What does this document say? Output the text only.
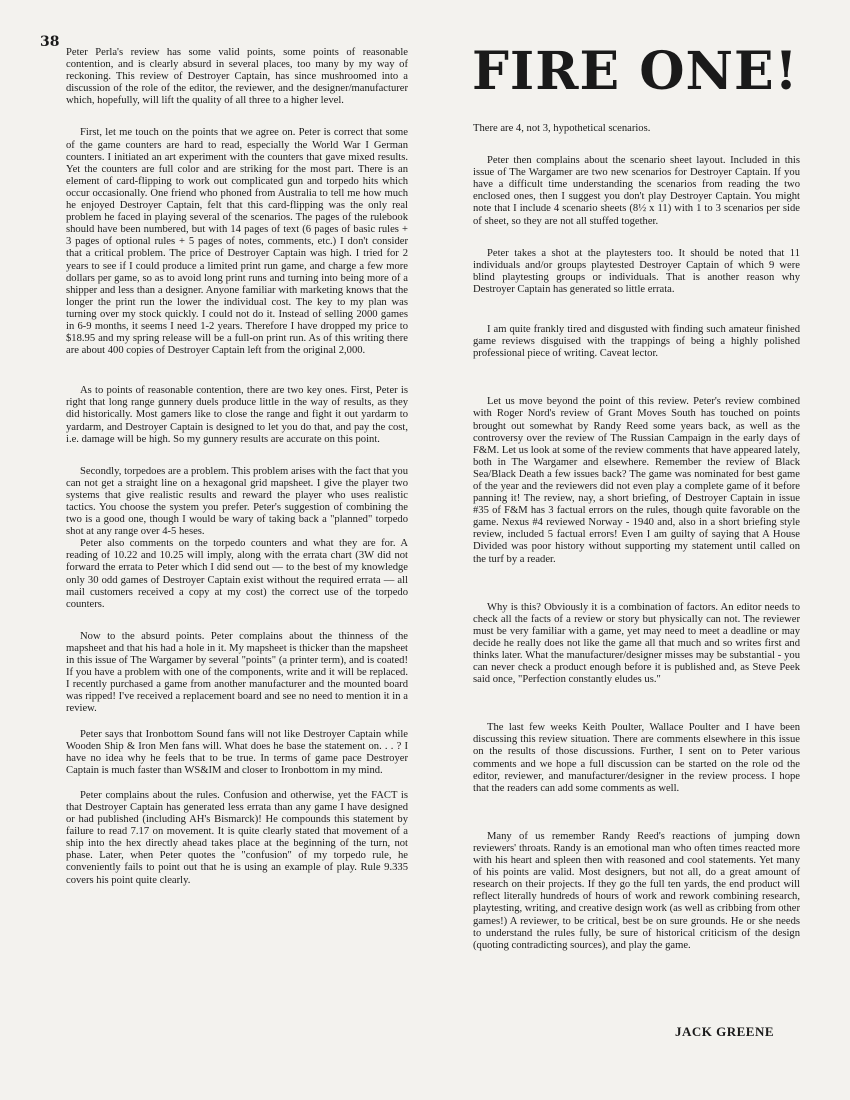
38

Peter Perla's review has some valid points, some points of reasonable contention, and is clearly absurd in several places, too many by my way of reckoning. This review of Destroyer Captain, has since mushroomed into a discussion of the role of the editor, the reviewer, and the designer/manufacturer which, hopefully, will lift the quality of all three to a higher level.

First, let me touch on the points that we agree on. Peter is correct that some of the game counters are hard to read, especially the World War I German counters. I initiated an art experiment with the counters that gave mixed results. Yet the counters are full color and are striking for the most part. There is an element of card-flipping to work out complicated gun and torpedo hits which occur occasionally. One friend who phoned from Australia to tell me how much he enjoyed Destroyer Captain, felt that this card-flipping was the only real problem he faced in playing several of the scenarios. The pages of the rulebook should have been numbered, but with 14 pages of text (6 pages of basic rules + 3 pages of optional rules + 5 pages of notes, comments, etc.) I don't consider that a critical problem. The price of Destroyer Captain was high. I tried for 2 years to see if I could produce a limited print run game, and charge a few more dollars per game, so as to avoid long print runs and turning into being more of a shipper and less than a designer. Anyone familiar with marketing knows that the longer the print run the lower the individual cost. The key to my plan was turning over my stock quickly. I could not do it. Instead of selling 2000 games in 6-9 months, it seems I need 1-2 years. Therefore I have dropped my price to $18.95 and my spring release will be a full-on print run. As of this writing there are about 400 copies of Destroyer Captain left from the original 2,000.

As to points of reasonable contention, there are two key ones. First, Peter is right that long range gunnery duels produce little in the way of results, as they did historically. Most gamers like to close the range and fight it out yardarm to yardarm, and Destroyer Captain is designed to let you do that, and pay the cost, i.e. damage will be high. So my gunnery results are accurate on this point.

Secondly, torpedoes are a problem. This problem arises with the fact that you can not get a straight line on a hexagonal grid mapsheet. I give the player two systems that give realistic results and reward the player who uses realistic tactics. You choose the system you prefer. Peter's suggestion of combining the two is a good one, though I would be wary of taking back a "planned" torpedo shot at any range over 4-5 heses.

Peter also comments on the torpedo counters and what they are for. A reading of 10.22 and 10.25 will imply, along with the errata chart (3W did not forward the errata to Peter which I did send out — to the best of my knowledge only 30 odd games of Destroyer Captain exist without the required errata — all mail customers received a copy at my cost) the correct use of the torpedo counters.

Now to the absurd points. Peter complains about the thinness of the mapsheet and that his had a hole in it. My mapsheet is thicker than the mapsheet in this issue of The Wargamer by several "points" (a printer term), and is coated! If you have a problem with one of the components, write and it will be replaced. I recently purchased a game from another manufacturer and the mounted board was ripped! I've received a replacement board and see no need to mention it in a review.

Peter says that Ironbottom Sound fans will not like Destroyer Captain while Wooden Ship & Iron Men fans will. What does he base the statement on. . . ? I have no idea why he feels that to be true. In terms of game pace Destroyer Captain is much faster than WS&IM and closer to Ironbottom in my mind.

Peter complains about the rules. Confusion and otherwise, yet the FACT is that Destroyer Captain has generated less errata than any game I have designed or had published (including AH's Bismarck)! He compounds this statement by failure to read 7.17 on movement. It is quite clearly stated that movement of a ship into the hex directly ahead takes place at the beginning of the turn, not phase. Later, when Peter quotes the "confusion" of my torpedo rule, he conveniently fails to point out that he is using an example of play. Rule 9.335 covers his point quite clearly.

FIRE ONE!

There are 4, not 3, hypothetical scenarios.

Peter then complains about the scenario sheet layout. Included in this issue of The Wargamer are two new scenarios for Destroyer Captain. If you have a difficult time understanding the scenarios from reading the two enclosed ones, then I suggest you don't play Destroyer Captain. You might note that I include 4 scenario sheets (8½ x 11) with 1 to 3 scenarios per side of sheet, so they are not all stuffed together.

Peter takes a shot at the playtesters too. It should be noted that 11 individuals and/or groups playtested Destroyer Captain of which 9 were blind playtesting groups or individuals. That is another reason why Destroyer Captain has generated so little errata.

I am quite frankly tired and disgusted with finding such amateur finished game reviews disguised with the trappings of being a highly polished professional piece of writing. Caveat lector.

Let us move beyond the point of this review. Peter's review combined with Roger Nord's review of Grant Moves South has touched on points brought out somewhat by Randy Reed some years back, as well as the controversy over the review of The Russian Campaign in the early days of F&M. Let us look at some of the review comments that have appeared lately, both in The Wargamer and elsewhere. Remember the review of Black Sea/Black Death a few issues back? The game was nominated for best game of the year and the reviewers did not even play a complete game of it before panning it! The review, nay, a short briefing, of Destroyer Captain in issue #35 of F&M has 3 factual errors on the rules, though quite favorable on the game. Nexus #4 reviewed Norway - 1940 and, also in a short briefing style review, included 5 factual errors! Even I am guilty of saying that A House Divided was poor history without supporting my statement until called on the turf by a reader.

Why is this? Obviously it is a combination of factors. An editor needs to check all the facts of a review or story but physically can not. The reviewer must be very familiar with a game, yet may need to meet a deadline or may decide he really does not like the game all that much and so writes first and thinks later. What the manufacturer/designer misses may be substantial - you can never check a product enough before it is published and, as Steve Peek said once, "Perfection constantly eludes us."

The last few weeks Keith Poulter, Wallace Poulter and I have been discussing this review situation. There are comments elsewhere in this issue on the results of those discussions. Further, I sent on to Peter various comments and we hope a full discussion can be started on the role od the editor, reviewer, and manufacturer/designer in the review process. I hope that the readers can add some comments as well.

Many of us remember Randy Reed's reactions of jumping down reviewers' throats. Randy is an emotional man who often times reacted more with his heart and spleen then with reasoned and cool statements. Yet many of his points are valid. Most designers, but not all, do a great amount of research on their projects. If they go the full ten yards, the end product will reflect literally hundreds of hours of work and rework combining research, playtesting, writing, and creative design work (as well as cribbing from other games!) A reviewer, to be critical, best be on sure grounds. He or she needs to understand the rules fully, be sure of historical criticism of the design (quoting contradicting sources), and play the game.

JACK GREENE
